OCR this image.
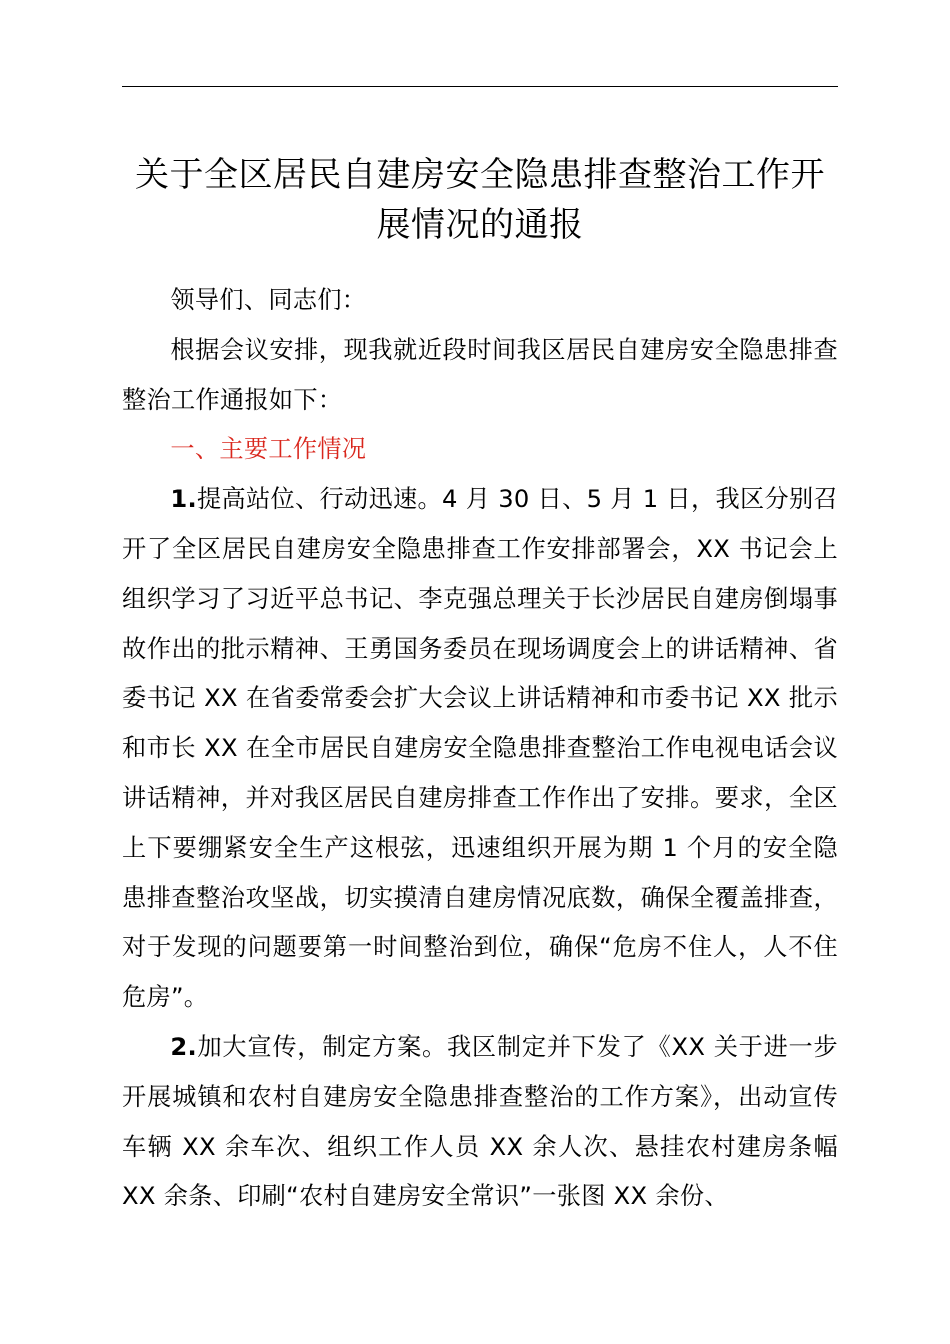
关于全区居民自建房安全隐患排查整治工作开展情况的通报

领导们、同志们：

根据会议安排，现我就近段时间我区居民自建房安全隐患排查整治工作通报如下：

一、主要工作情况

1.提高站位、行动迅速。4 月 30 日、5 月 1 日，我区分别召开了全区居民自建房安全隐患排查工作安排部署会，XX 书记会上组织学习了习近平总书记、李克强总理关于长沙居民自建房倒塌事故作出的批示精神、王勇国务委员在现场调度会上的讲话精神、省委书记 XX 在省委常委会扩大会议上讲话精神和市委书记 XX 批示和市长 XX 在全市居民自建房安全隐患排查整治工作电视电话会议讲话精神，并对我区居民自建房排查工作作出了安排。要求，全区上下要绷紧安全生产这根弦，迅速组织开展为期 1 个月的安全隐患排查整治攻坚战，切实摸清自建房情况底数，确保全覆盖排查，对于发现的问题要第一时间整治到位，确保“危房不住人，人不住危房”。

2.加大宣传，制定方案。我区制定并下发了《XX 关于进一步开展城镇和农村自建房安全隐患排查整治的工作方案》，出动宣传车辆 XX 余车次、组织工作人员 XX 余人次、悬挂农村建房条幅 XX 余条、印刷“农村自建房安全常识”一张图 XX 余份、
